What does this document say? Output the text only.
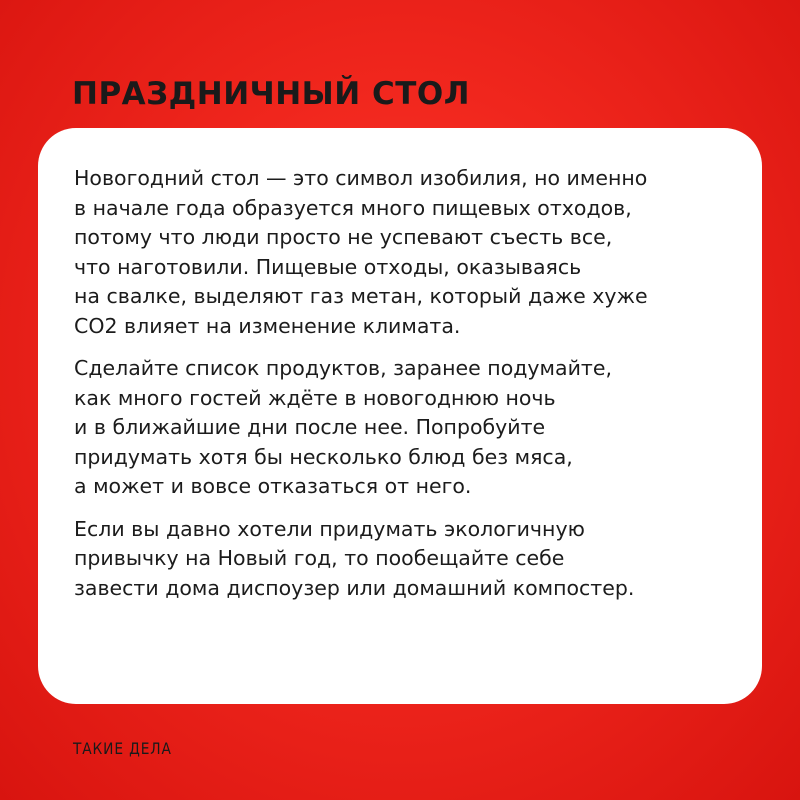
ПРАЗДНИЧНЫЙ СТОЛ

Новогодний стол — это символ изобилия, но именно
в начале года образуется много пищевых отходов,
потому что люди просто не успевают съесть все,
что наготовили. Пищевые отходы, оказываясь
на свалке, выделяют газ метан, который даже хуже
СО2 влияет на изменение климата.

Сделайте список продуктов, заранее подумайте,
как много гостей ждёте в новогоднюю ночь
и в ближайшие дни после нее. Попробуйте
придумать хотя бы несколько блюд без мяса,
а может и вовсе отказаться от него.

Если вы давно хотели придумать экологичную
привычку на Новый год, то пообещайте себе
завести дома диспоузер или домашний компостер.

ТАКИЕ ДЕЛА
